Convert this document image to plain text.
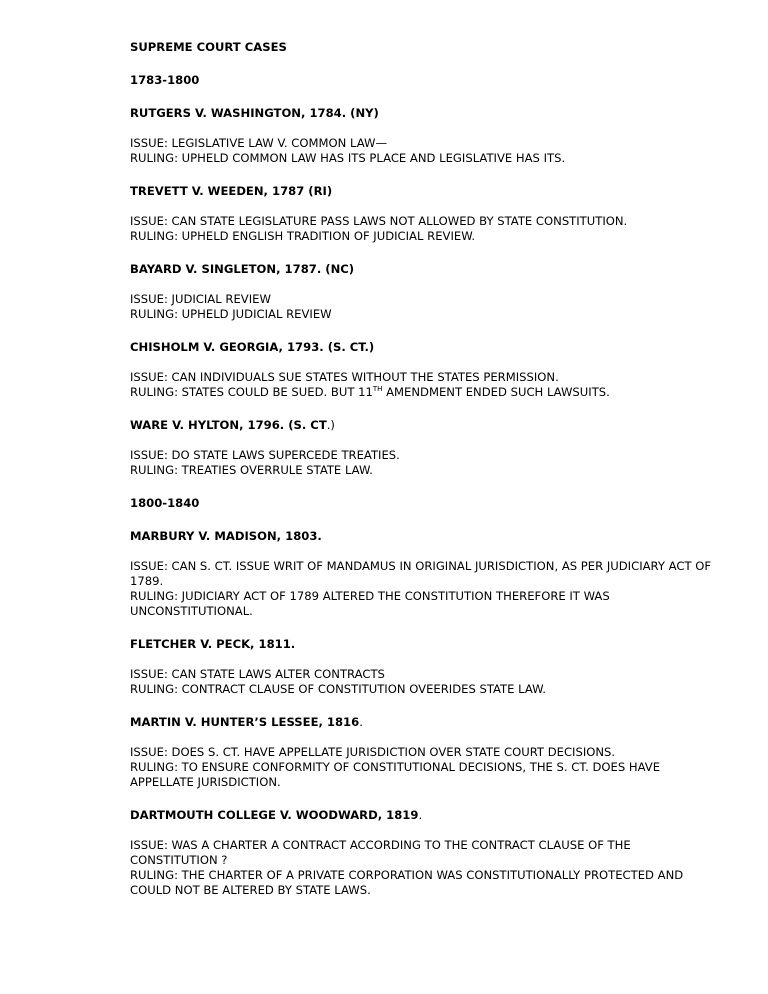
SUPREME COURT CASES

1783-1800

RUTGERS V. WASHINGTON, 1784. (NY)

ISSUE: LEGISLATIVE LAW V. COMMON LAW—

RULING: UPHELD COMMON LAW HAS ITS PLACE AND LEGISLATIVE HAS ITS.

TREVETT V. WEEDEN, 1787 (RI)

ISSUE: CAN STATE LEGISLATURE PASS LAWS NOT ALLOWED BY STATE CONSTITUTION.

RULING: UPHELD ENGLISH TRADITION OF JUDICIAL REVIEW.

BAYARD V. SINGLETON, 1787. (NC)

ISSUE: JUDICIAL REVIEW

RULING: UPHELD JUDICIAL REVIEW

CHISHOLM V. GEORGIA, 1793. (S. CT.)

ISSUE: CAN INDIVIDUALS SUE STATES WITHOUT THE STATES PERMISSION.

RULING: STATES COULD BE SUED. BUT 11TH AMENDMENT ENDED SUCH LAWSUITS.

WARE V. HYLTON, 1796. (S. CT.)

ISSUE: DO STATE LAWS SUPERCEDE TREATIES.

RULING: TREATIES OVERRULE STATE LAW.

1800-1840

MARBURY V. MADISON, 1803.

ISSUE: CAN S. CT. ISSUE WRIT OF MANDAMUS IN ORIGINAL JURISDICTION, AS PER JUDICIARY ACT OF 1789.

RULING: JUDICIARY ACT OF 1789 ALTERED THE CONSTITUTION THEREFORE IT WAS UNCONSTITUTIONAL.

FLETCHER V. PECK, 1811.

ISSUE: CAN STATE LAWS ALTER CONTRACTS

RULING: CONTRACT CLAUSE OF CONSTITUTION OVEERIDES STATE LAW.

MARTIN V. HUNTER’S LESSEE, 1816.

ISSUE: DOES S. CT. HAVE APPELLATE JURISDICTION OVER STATE COURT DECISIONS.

RULING: TO ENSURE CONFORMITY OF CONSTITUTIONAL DECISIONS, THE S. CT. DOES HAVE APPELLATE JURISDICTION.

DARTMOUTH COLLEGE V. WOODWARD, 1819.

ISSUE: WAS A CHARTER A CONTRACT ACCORDING TO THE CONTRACT CLAUSE OF THE CONSTITUTION ?

RULING: THE CHARTER OF A PRIVATE CORPORATION WAS CONSTITUTIONALLY PROTECTED AND COULD NOT BE ALTERED BY STATE LAWS.
